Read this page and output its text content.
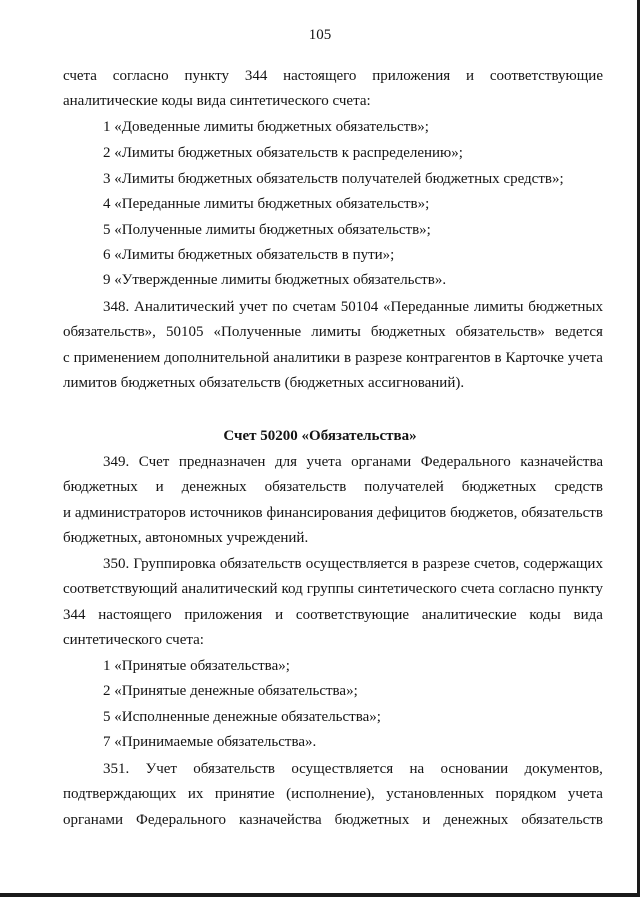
105
счета согласно пункту 344 настоящего приложения и соответствующие
аналитические коды вида синтетического счета:
1 «Доведенные лимиты бюджетных обязательств»;
2 «Лимиты бюджетных обязательств к распределению»;
3 «Лимиты бюджетных обязательств получателей бюджетных средств»;
4 «Переданные лимиты бюджетных обязательств»;
5 «Полученные лимиты бюджетных обязательств»;
6 «Лимиты бюджетных обязательств в пути»;
9 «Утвержденные лимиты бюджетных обязательств».
348. Аналитический учет по счетам 50104 «Переданные лимиты бюджетных
обязательств», 50105 «Полученные лимиты бюджетных обязательств» ведется
с применением дополнительной аналитики в разрезе контрагентов в Карточке учета
лимитов бюджетных обязательств (бюджетных ассигнований).
Счет 50200 «Обязательства»
349. Счет предназначен для учета органами Федерального казначейства
бюджетных и денежных обязательств получателей бюджетных средств
и администраторов источников финансирования дефицитов бюджетов, обязательств
бюджетных, автономных учреждений.
350. Группировка обязательств осуществляется в разрезе счетов, содержащих
соответствующий аналитический код группы синтетического счета согласно пункту
344 настоящего приложения и соответствующие аналитические коды вида
синтетического счета:
1 «Принятые обязательства»;
2 «Принятые денежные обязательства»;
5 «Исполненные денежные обязательства»;
7 «Принимаемые обязательства».
351. Учет обязательств осуществляется на основании документов,
подтверждающих их принятие (исполнение), установленных порядком учета
органами Федерального казначейства бюджетных и денежных обязательств
